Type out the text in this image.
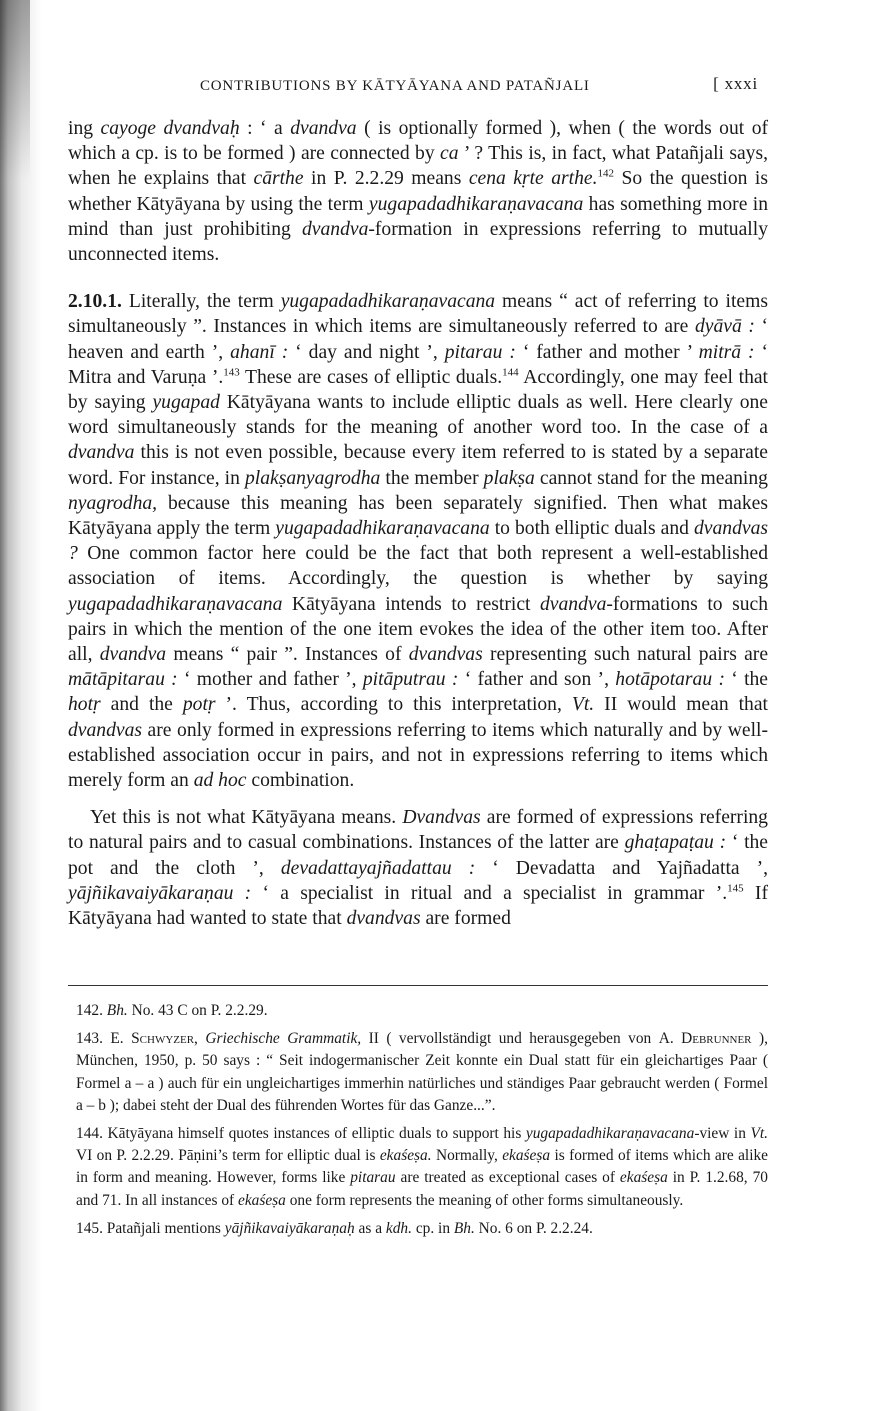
CONTRIBUTIONS BY KĀTYĀYANA AND PATAÑJALI	[ xxxi

ing cayoge dvandvaḥ : ‘ a dvandva ( is optionally formed ), when ( the words out of which a cp. is to be formed ) are connected by ca ’ ? This is, in fact, what Patañjali says, when he explains that cārthe in P. 2.2.29 means cena kṛte arthe.$^{142}$ So the question is whether Kātyāyana by using the term yugapadadhikaraṇavacana has something more in mind than just prohibiting dvandva-formation in expressions referring to mutually unconnected items.

2.10.1. Literally, the term yugapadadhikaraṇavacana means “ act of referring to items simultaneously ”. Instances in which items are simultaneously referred to are dyāvā : ‘ heaven and earth ’, ahanī : ‘ day and night ’, pitarau : ‘ father and mother ’ mitrā : ‘ Mitra and Varuṇa ’.$^{143}$ These are cases of elliptic duals.$^{144}$ Accordingly, one may feel that by saying yugapad Kātyāyana wants to include elliptic duals as well. Here clearly one word simultaneously stands for the meaning of another word too. In the case of a dvandva this is not even possible, because every item referred to is stated by a separate word. For instance, in plakṣanyagrodha the member plakṣa cannot stand for the meaning nyagrodha, because this meaning has been separately signified. Then what makes Kātyāyana apply the term yugapadadhikaraṇavacana to both elliptic duals and dvandvas ? One common factor here could be the fact that both represent a well-established association of items. Accordingly, the question is whether by saying yugapadadhikaraṇavacana Kātyāyana intends to restrict dvandva-formations to such pairs in which the mention of the one item evokes the idea of the other item too. After all, dvandva means “ pair ”. Instances of dvandvas representing such natural pairs are mātāpitarau : ‘ mother and father ’, pitāputrau : ‘ father and son ’, hotāpotarau : ‘ the hotṛ and the potṛ ’. Thus, according to this interpretation, Vt. II would mean that dvandvas are only formed in expressions referring to items which naturally and by well-established association occur in pairs, and not in expressions referring to items which merely form an ad hoc combination.

Yet this is not what Kātyāyana means. Dvandvas are formed of expressions referring to natural pairs and to casual combinations. Instances of the latter are ghaṭapaṭau : ‘ the pot and the cloth ’, devadattayajñadattau : ‘ Devadatta and Yajñadatta ’, yājñikavaiyākaraṇau : ‘ a specialist in ritual and a specialist in grammar ’.$^{145}$ If Kātyāyana had wanted to state that dvandvas are formed

142. Bh. No. 43 C on P. 2.2.29.

143. E. Schwyzer, Griechische Grammatik, II ( vervollständigt und herausgegeben von A. Debrunner ), München, 1950, p. 50 says : “ Seit indogermanischer Zeit konnte ein Dual statt für ein gleichartiges Paar ( Formel a – a ) auch für ein ungleichartiges immerhin natürliches und ständiges Paar gebraucht werden ( Formel a – b ); dabei steht der Dual des führenden Wortes für das Ganze...”.

144. Kātyāyana himself quotes instances of elliptic duals to support his yugapadadhikaraṇavacana-view in Vt. VI on P. 2.2.29. Pāṇini’s term for elliptic dual is ekaśeṣa. Normally, ekaśeṣa is formed of items which are alike in form and meaning. However, forms like pitarau are treated as exceptional cases of ekaśeṣa in P. 1.2.68, 70 and 71. In all instances of ekaśeṣa one form represents the meaning of other forms simultaneously.

145. Patañjali mentions yājñikavaiyākaraṇaḥ as a kdh. cp. in Bh. No. 6 on P. 2.2.24.
